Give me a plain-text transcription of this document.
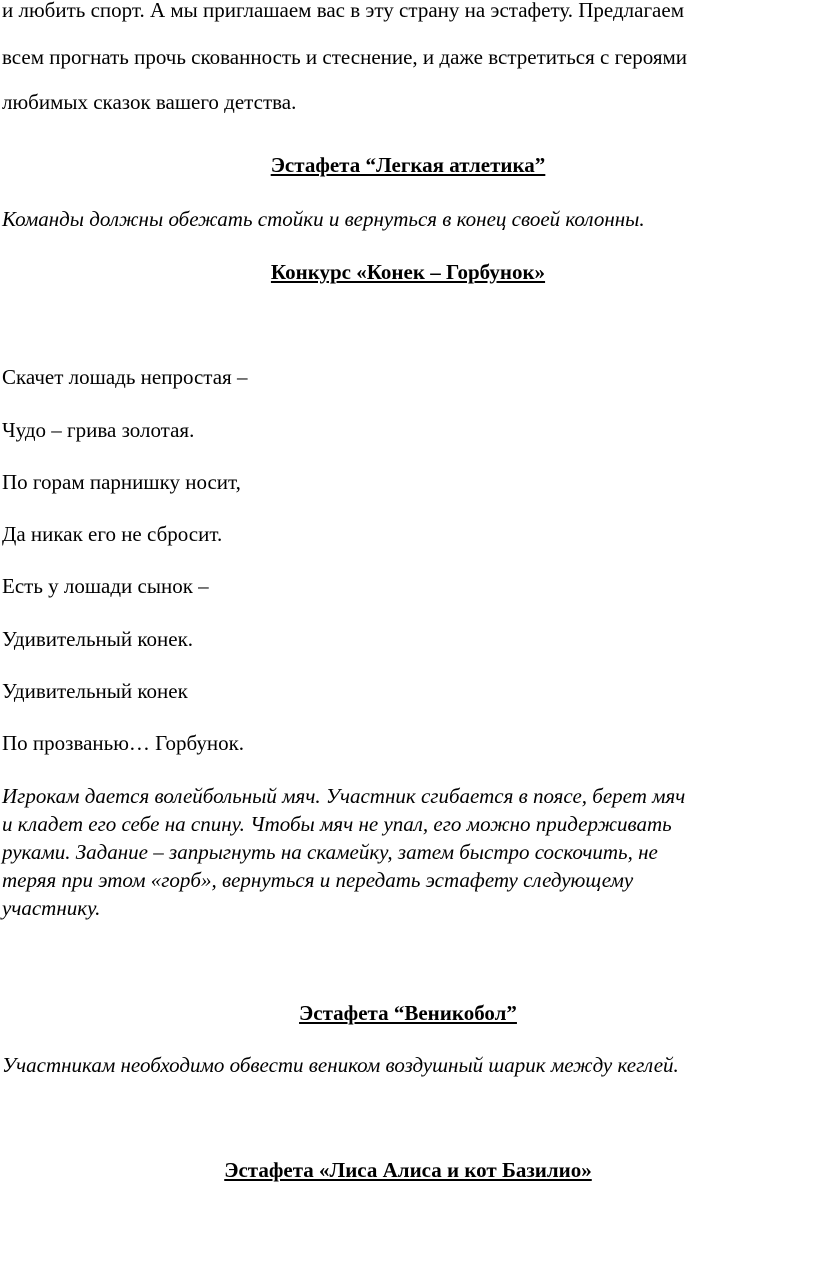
и любить спорт. А мы приглашаем вас в эту страну на эстафету. Предлагаем
всем прогнать прочь скованность и стеснение, и даже встретиться с героями
любимых сказок вашего детства.
Эстафета “Легкая атлетика”
Команды должны обежать стойки и вернуться в конец своей колонны.
Конкурс «Конек – Горбунок»
Скачет лошадь непростая –
Чудо – грива золотая.
По горам парнишку носит,
Да никак его не сбросит.
Есть у лошади сынок –
Удивительный конек.
Удивительный конек
По прозванью… Горбунок.
Игрокам дается волейбольный мяч. Участник сгибается в поясе, берет мяч
и кладет его себе на спину. Чтобы мяч не упал, его можно придерживать
руками. Задание – запрыгнуть на скамейку, затем быстро соскочить, не
теряя при этом «горб», вернуться и передать эстафету следующему
участнику.
Эстафета “Веникобол”
Участникам необходимо обвести веником воздушный шарик между кеглей.
Эстафета «Лиса Алиса и кот Базилио»
